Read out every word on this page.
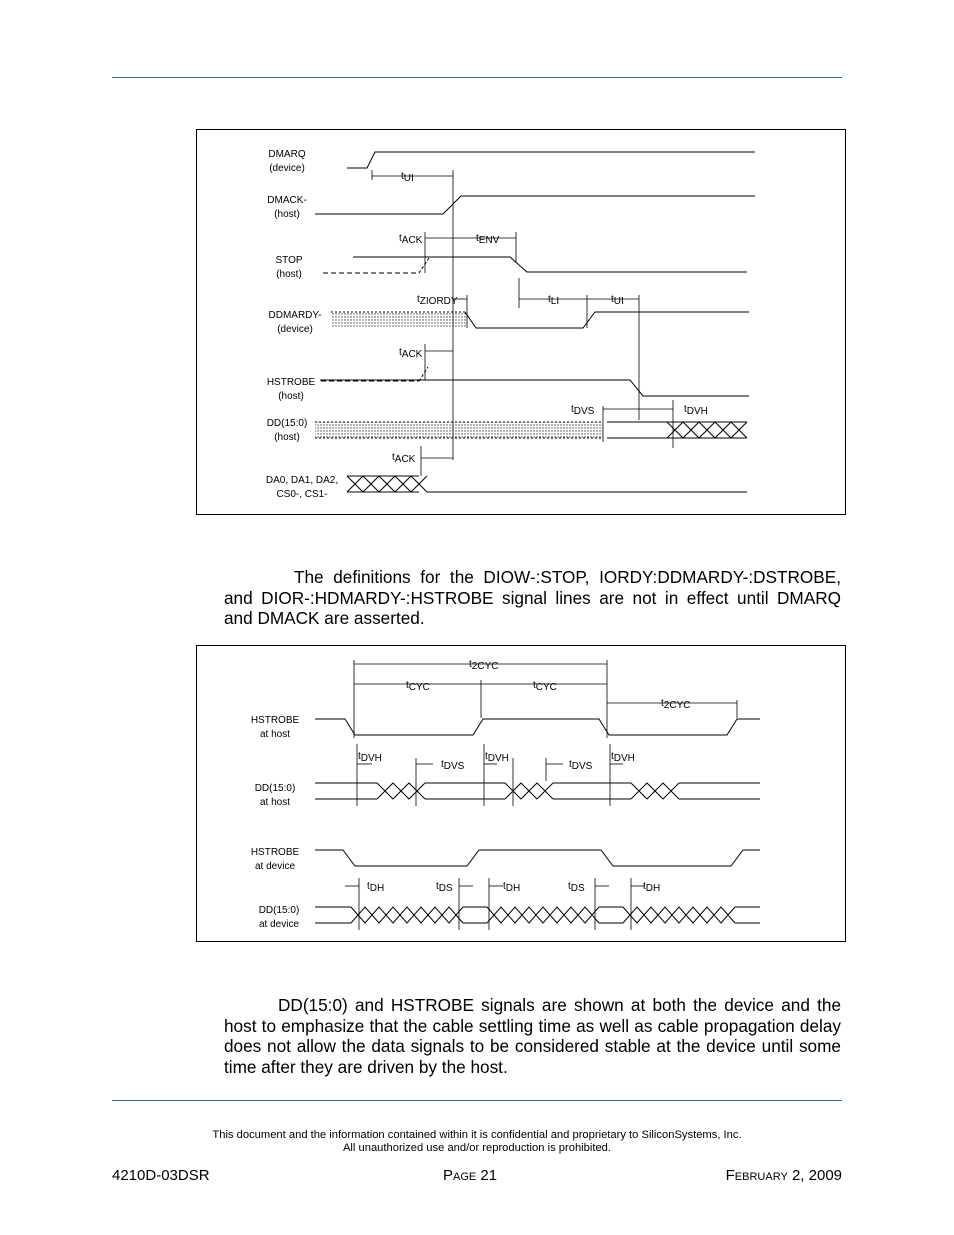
DMARQ
(device)
DMACK-
(host)
STOP
(host)
DDMARDY-
(device)
HSTROBE
(host)
DD(15:0)
(host)
DA0, DA1, DA2,
CS0-, CS1-
tUI
tACK	tENV
tZIORDY	tLI	tUI
tACK
tDVS	tDVH
tACK
The definitions for the DIOW-:STOP, IORDY:DDMARDY-:DSTROBE, and DIOR-:HDMARDY-:HSTROBE signal lines are not in effect until DMARQ and DMACK are asserted.
HSTROBE
at host
DD(15:0)
at host
HSTROBE
at device
DD(15:0)
at device
t2CYC
tCYC	tCYC
t2CYC
tDVH
tDVS
tDVH
tDVS
tDVH
tDH	tDS	tDH	tDS	tDH
DD(15:0) and HSTROBE signals are shown at both the device and the host to emphasize that the cable settling time as well as cable propagation delay does not allow the data signals to be considered stable at the device until some time after they are driven by the host.
This document and the information contained within it is confidential and proprietary to SiliconSystems, Inc.
All unauthorized use and/or reproduction is prohibited.
4210D-03DSR	Page 21	February 2, 2009
